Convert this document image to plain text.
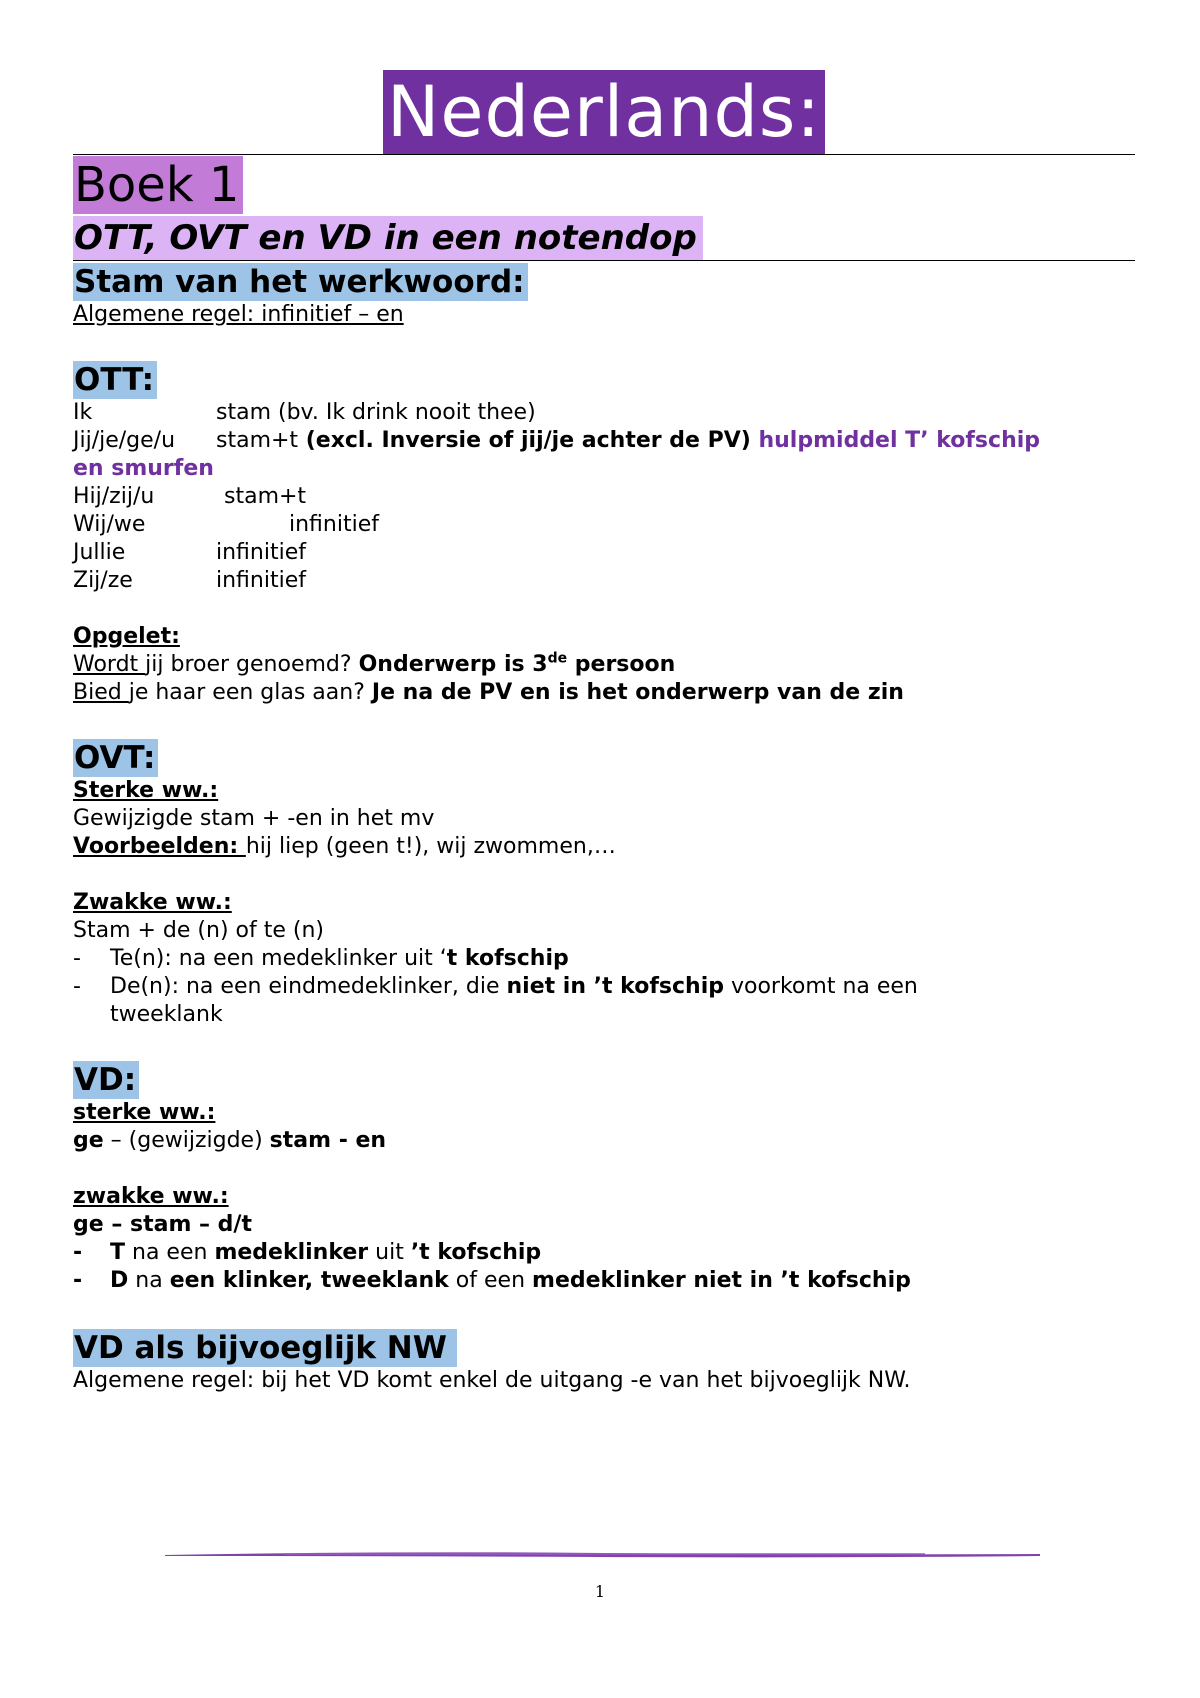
Nederlands:
Boek 1
OTT, OVT en VD in een notendop
Stam van het werkwoord:
Algemene regel: infinitief – en
OTT:
Ik	stam (bv. Ik drink nooit thee)
Jij/je/ge/u	stam+t (excl. Inversie of jij/je achter de PV) hulpmiddel T’ kofschip
en smurfen
Hij/zij/u	stam+t
Wij/we	infinitief
Jullie	infinitief
Zij/ze	infinitief
Opgelet:
Wordt jij broer genoemd? Onderwerp is 3de persoon
Bied je haar een glas aan? Je na de PV en is het onderwerp van de zin
OVT:
Sterke ww.:
Gewijzigde stam + -en in het mv
Voorbeelden: hij liep (geen t!), wij zwommen,…
Zwakke ww.:
Stam + de (n) of te (n)
-	Te(n): na een medeklinker uit ‘t kofschip
-	De(n): na een eindmedeklinker, die niet in ’t kofschip voorkomt na een
tweeklank
VD:
sterke ww.:
ge – (gewijzigde) stam - en
zwakke ww.:
ge – stam – d/t
-	T na een medeklinker uit ’t kofschip
-	D na een klinker, tweeklank of een medeklinker niet in ’t kofschip
VD als bijvoeglijk NW
Algemene regel: bij het VD komt enkel de uitgang -e van het bijvoeglijk NW.
1
